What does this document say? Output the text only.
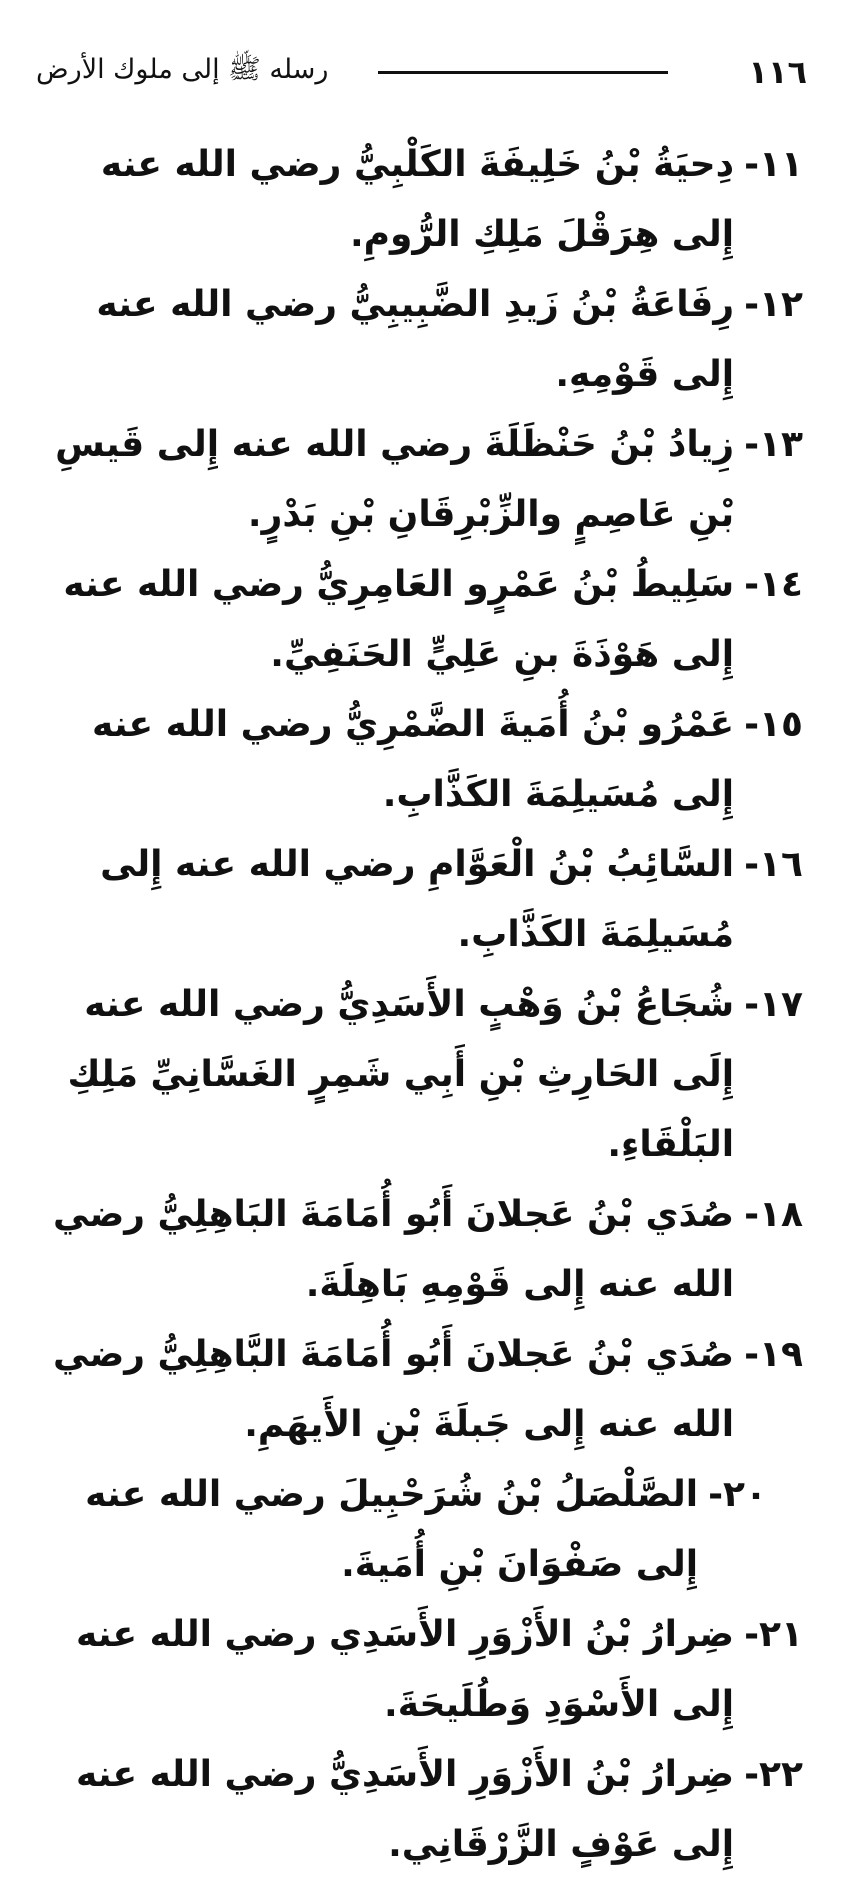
١١٦
رسله ﷺ إلى ملوك الأرض
١١-
دِحيَةُ بْنُ خَلِيفَةَ الكَلْبِيُّ رضي الله عنه إِلى هِرَقْلَ مَلِكِ الرُّومِ.
١٢-
رِفَاعَةُ بْنُ زَيدِ الضَّبِيبِيُّ رضي الله عنه إِلى قَوْمِهِ.
١٣-
زِيادُ بْنُ حَنْظَلَةَ رضي الله عنه إِلى قَيسِ بْنِ عَاصِمٍ والزِّبْرِقَانِ بْنِ بَدْرٍ.
١٤-
سَلِيطُ بْنُ عَمْرٍو العَامِرِيُّ رضي الله عنه إِلى هَوْذَةَ بنِ عَلِيٍّ الحَنَفِيِّ.
١٥-
عَمْرُو بْنُ أُمَيةَ الضَّمْرِيُّ رضي الله عنه إِلى مُسَيلِمَةَ الكَذَّابِ.
١٦-
السَّائِبُ بْنُ الْعَوَّامِ رضي الله عنه إِلى مُسَيلِمَةَ الكَذَّابِ.
١٧-
شُجَاعُ بْنُ وَهْبٍ الأَسَدِيُّ رضي الله عنه إِلَى الحَارِثِ بْنِ أَبِي شَمِرٍ الغَسَّانِيِّ مَلِكِ البَلْقَاءِ.
١٨-
صُدَي بْنُ عَجلانَ أَبُو أُمَامَةَ البَاهِلِيُّ رضي الله عنه إِلى قَوْمِهِ بَاهِلَةَ.
١٩-
صُدَي بْنُ عَجلانَ أَبُو أُمَامَةَ البَّاهِلِيُّ رضي الله عنه إِلى جَبلَةَ بْنِ الأَيهَمِ.
٢٠-
الصَّلْصَلُ بْنُ شُرَحْبِيلَ رضي الله عنه إِلى صَفْوَانَ بْنِ أُمَيةَ.
٢١-
ضِرارُ بْنُ الأَزْوَرِ الأَسَدِي رضي الله عنه إِلى الأَسْوَدِ وَطُلَيحَةَ.
٢٢-
ضِرارُ بْنُ الأَزْوَرِ الأَسَدِيُّ رضي الله عنه إِلى عَوْفٍ الزَّرْقَانِي.
